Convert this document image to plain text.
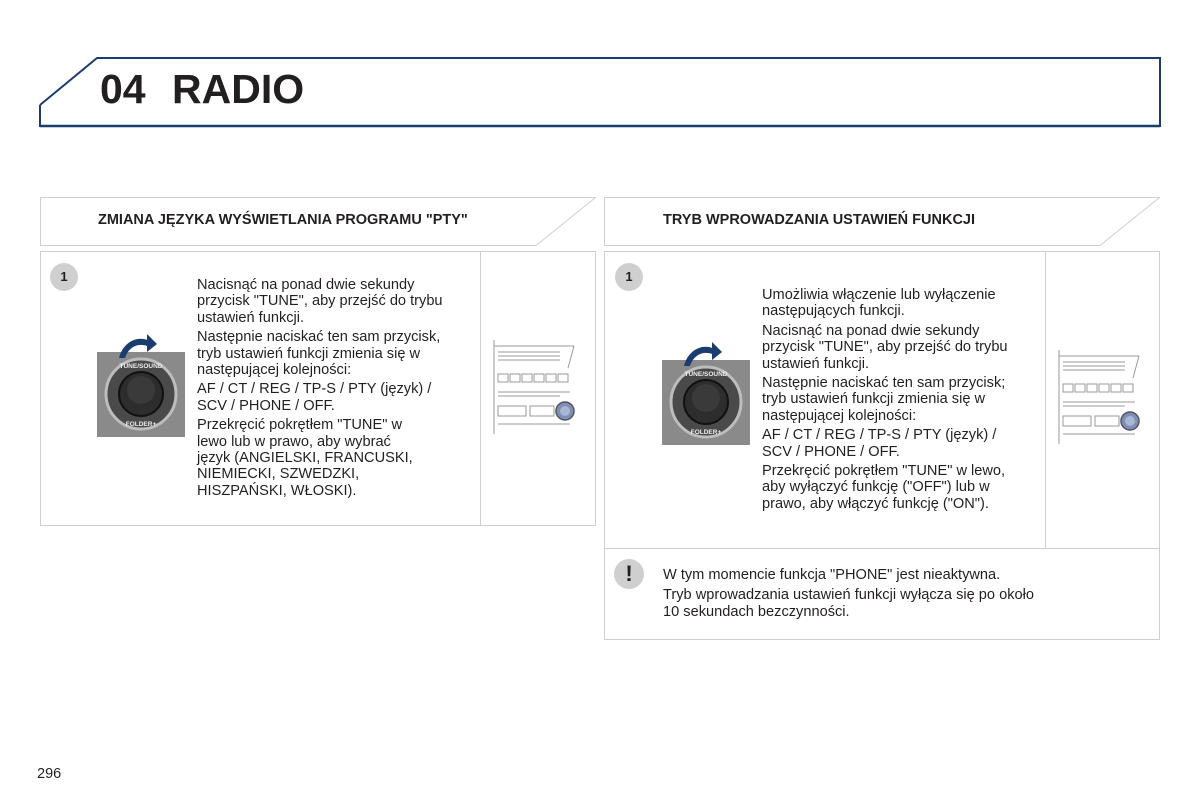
04 RADIO
ZMIANA JĘZYKA WYŚWIETLANIA PROGRAMU "PTY"
1
TUNE/SOUND
FOLDER+
Nacisnąć na ponad dwie sekundy
przycisk "TUNE", aby przejść do trybu
ustawień funkcji.
Następnie naciskać ten sam przycisk,
tryb ustawień funkcji zmienia się w
następującej kolejności:
AF / CT / REG / TP-S / PTY (język) /
SCV / PHONE / OFF.
Przekręcić pokrętłem "TUNE" w
lewo lub w prawo, aby wybrać
język (ANGIELSKI, FRANCUSKI,
NIEMIECKI, SZWEDZKI,
HISZPAŃSKI, WŁOSKI).
TRYB WPROWADZANIA USTAWIEŃ FUNKCJI
1
TUNE/SOUND
FOLDER+
Umożliwia włączenie lub wyłączenie
następujących funkcji.
Nacisnąć na ponad dwie sekundy
przycisk "TUNE", aby przejść do trybu
ustawień funkcji.
Następnie naciskać ten sam przycisk;
tryb ustawień funkcji zmienia się w
następującej kolejności:
AF / CT / REG / TP-S / PTY (język) /
SCV / PHONE / OFF.
Przekręcić pokrętłem "TUNE" w lewo,
aby wyłączyć funkcję ("OFF") lub w
prawo, aby włączyć funkcję ("ON").
!	W tym momencie funkcja "PHONE" jest nieaktywna.
Tryb wprowadzania ustawień funkcji wyłącza się po około
10 sekundach bezczynności.
296
